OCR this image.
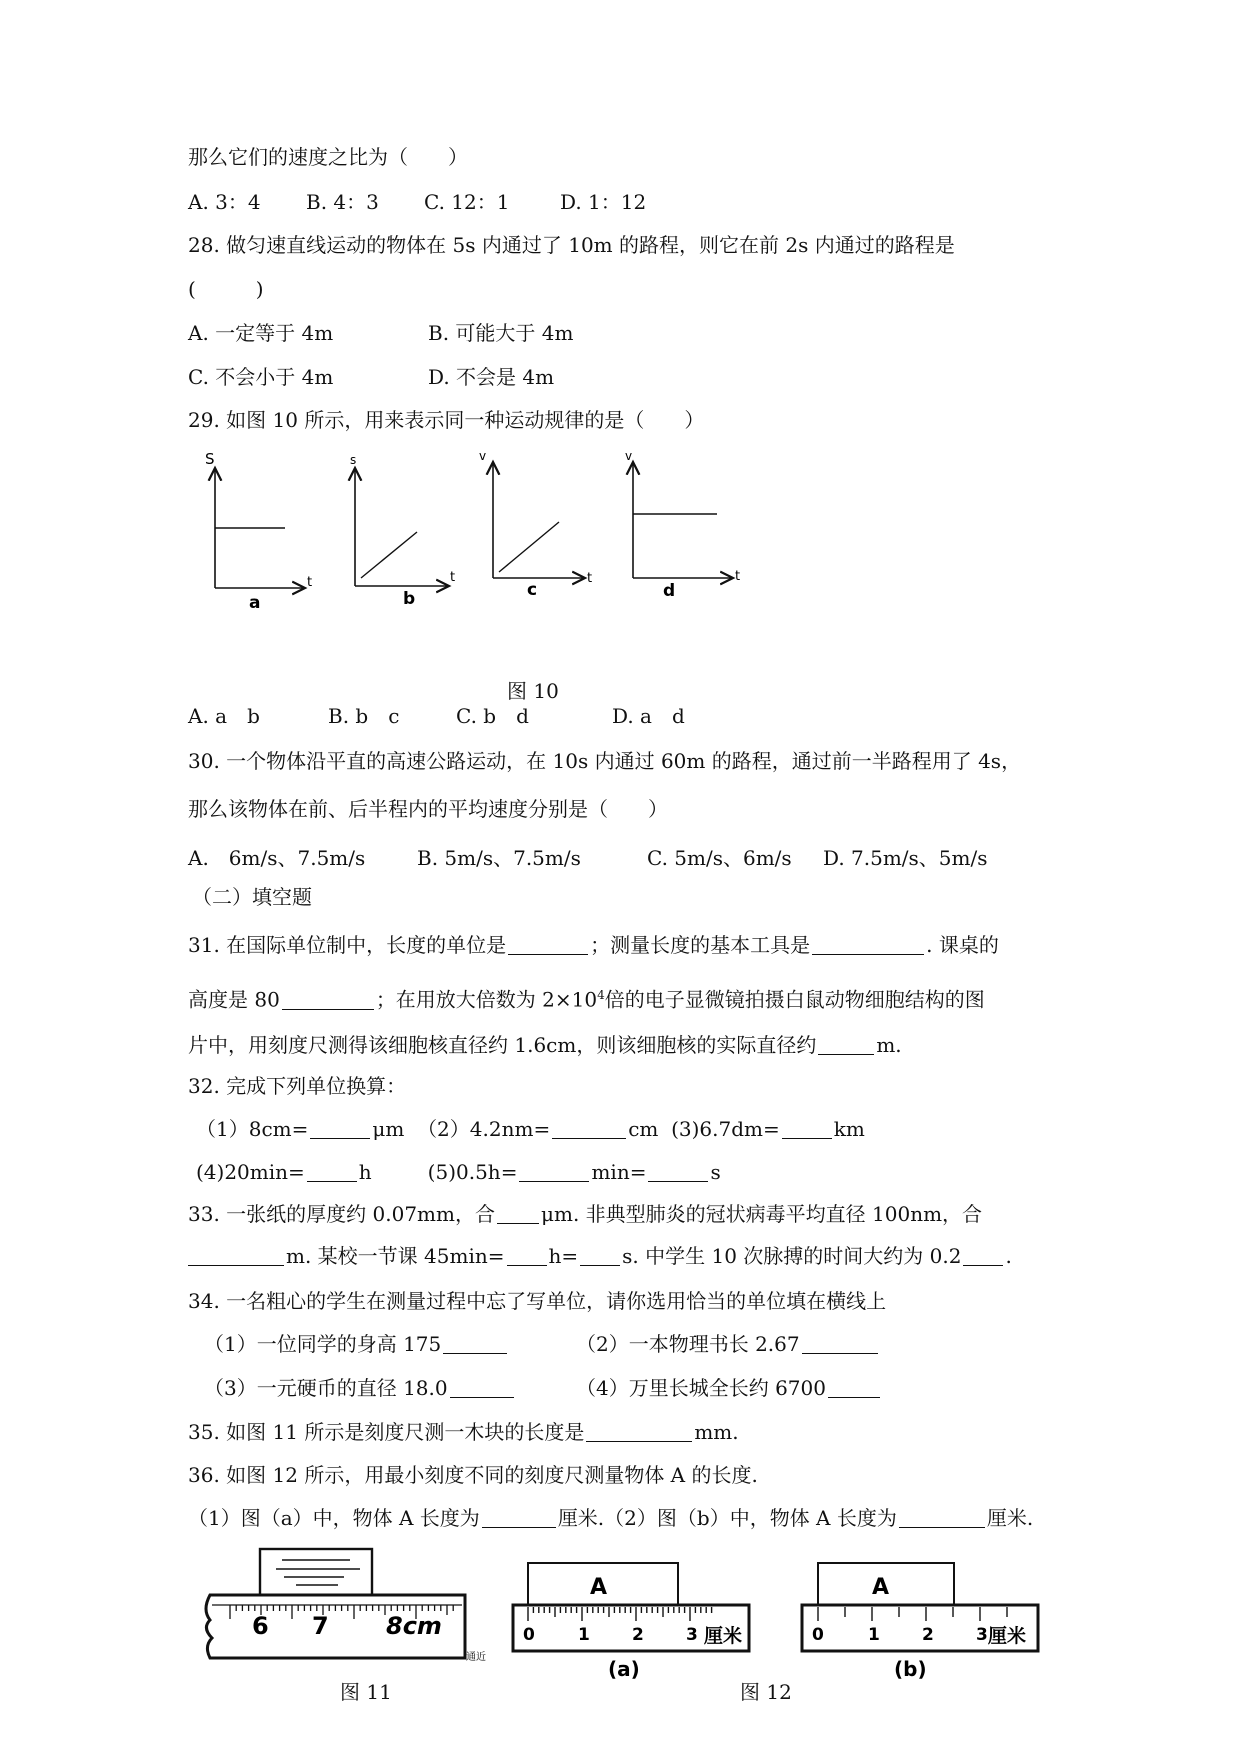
那么它们的速度之比为（　　）
A. 3：4 B. 4：3 C. 12：1	D. 1：12
28. 做匀速直线运动的物体在 5s 内通过了 10m 的路程，则它在前 2s 内通过的路程是
(　　　)
A. 一定等于 4m	B. 可能大于 4m
C. 不会小于 4m	D. 不会是 4m
29. 如图 10 所示，用来表示同一种运动规律的是（　　）
S
t
a
s
t
b
v
t
c
v
t
d
图 10
A. a　b	B. b　c	C. b　d	D. a　d
30. 一个物体沿平直的高速公路运动，在 10s 内通过 60m 的路程，通过前一半路程用了 4s，
那么该物体在前、后半程内的平均速度分别是（　　）
A.　6m/s、7.5m/s	B. 5m/s、7.5m/s	C. 5m/s、6m/s D. 7.5m/s、5m/s
（二）填空题
31. 在国际单位制中，长度的单位是	；测量长度的基本工具是	. 课桌的
高度是 80	；在用放大倍数为 $2\times 10^4$倍的电子显微镜拍摄白鼠动物细胞结构的图
片中，用刻度尺测得该细胞核直径约 1.6cm，则该细胞核的实际直径约	m.
32. 完成下列单位换算：
（1）8cm=	μm （2）4.2nm=	cm (3)6.7dm=	km
(4)20min=	h	(5)0.5h=	min=	s
33. 一张纸的厚度约 0.07mm，合 μm. 非典型肺炎的冠状病毒平均直径 100nm，合
m. 某校一节课 45min= h= s. 中学生 10 次脉搏的时间大约为 0.2 .
34. 一名粗心的学生在测量过程中忘了写单位，请你选用恰当的单位填在横线上
（1）一位同学的身高 175	（2）一本物理书长 2.67
（3）一元硬币的直径 18.0	（4）万里长城全长约 6700
35. 如图 11 所示是刻度尺测一木块的长度是	mm.
36. 如图 12 所示，用最小刻度不同的刻度尺测量物体 A 的长度.
（1）图（a）中，物体 A 长度为	厘米.（2）图（b）中，物体 A 长度为	厘米.
6 7 8cm
通近
图 11
A
0	1 2 3 厘米
(a)
A
0	1 2 3 厘米
(b)
图 12
